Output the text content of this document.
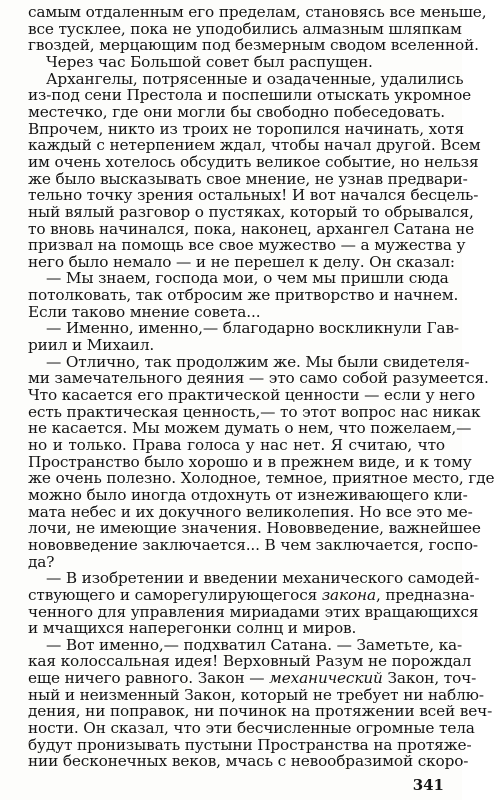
самым отдаленным его пределам, становясь все меньше,
все тусклее, пока не уподобились алмазным шляпкам
гвоздей, мерцающим под безмерным сводом вселенной.
Через час Большой совет был распущен.
Архангелы, потрясенные и озадаченные, удалились
из-под сени Престола и поспешили отыскать укромное
местечко, где они могли бы свободно побеседовать.
Впрочем, никто из троих не торопился начинать, хотя
каждый с нетерпением ждал, чтобы начал другой. Всем
им очень хотелось обсудить великое событие, но нельзя
же было высказывать свое мнение, не узнав предвари-
тельно точку зрения остальных! И вот начался бесцель-
ный вялый разговор о пустяках, который то обрывался,
то вновь начинался, пока, наконец, архангел Сатана не
призвал на помощь все свое мужество — а мужества у
него было немало — и не перешел к делу. Он сказал:
— Мы знаем, господа мои, о чем мы пришли сюда
потолковать, так отбросим же притворство и начнем.
Если таково мнение совета...
— Именно, именно,— благодарно воскликнули Гав-
риил и Михаил.
— Отлично, так продолжим же. Мы были свидетеля-
ми замечательного деяния — это само собой разумеется.
Что касается его практической ценности — если у него
есть практическая ценность,— то этот вопрос нас никак
не касается. Мы можем думать о нем, что пожелаем,—
но и только. Права голоса у нас нет. Я считаю, что
Пространство было хорошо и в прежнем виде, и к тому
же очень полезно. Холодное, темное, приятное место, где
можно было иногда отдохнуть от изнеживающего кли-
мата небес и их докучного великолепия. Но все это ме-
лочи, не имеющие значения. Нововведение, важнейшее
нововведение заключается... В чем заключается, госпо-
да?
— В изобретении и введении механического самодей-
ствующего и саморегулирующегося закона, предназна-
ченного для управления мириадами этих вращающихся
и мчащихся наперегонки солнц и миров.
— Вот именно,— подхватил Сатана. — Заметьте, ка-
кая колоссальная идея! Верховный Разум не порождал
еще ничего равного. Закон — механический Закон, точ-
ный и неизменный Закон, который не требует ни наблю-
дения, ни поправок, ни починок на протяжении всей веч-
ности. Он сказал, что эти бесчисленные огромные тела
будут пронизывать пустыни Пространства на протяже-
нии бесконечных веков, мчась с невообразимой скоро-
341
